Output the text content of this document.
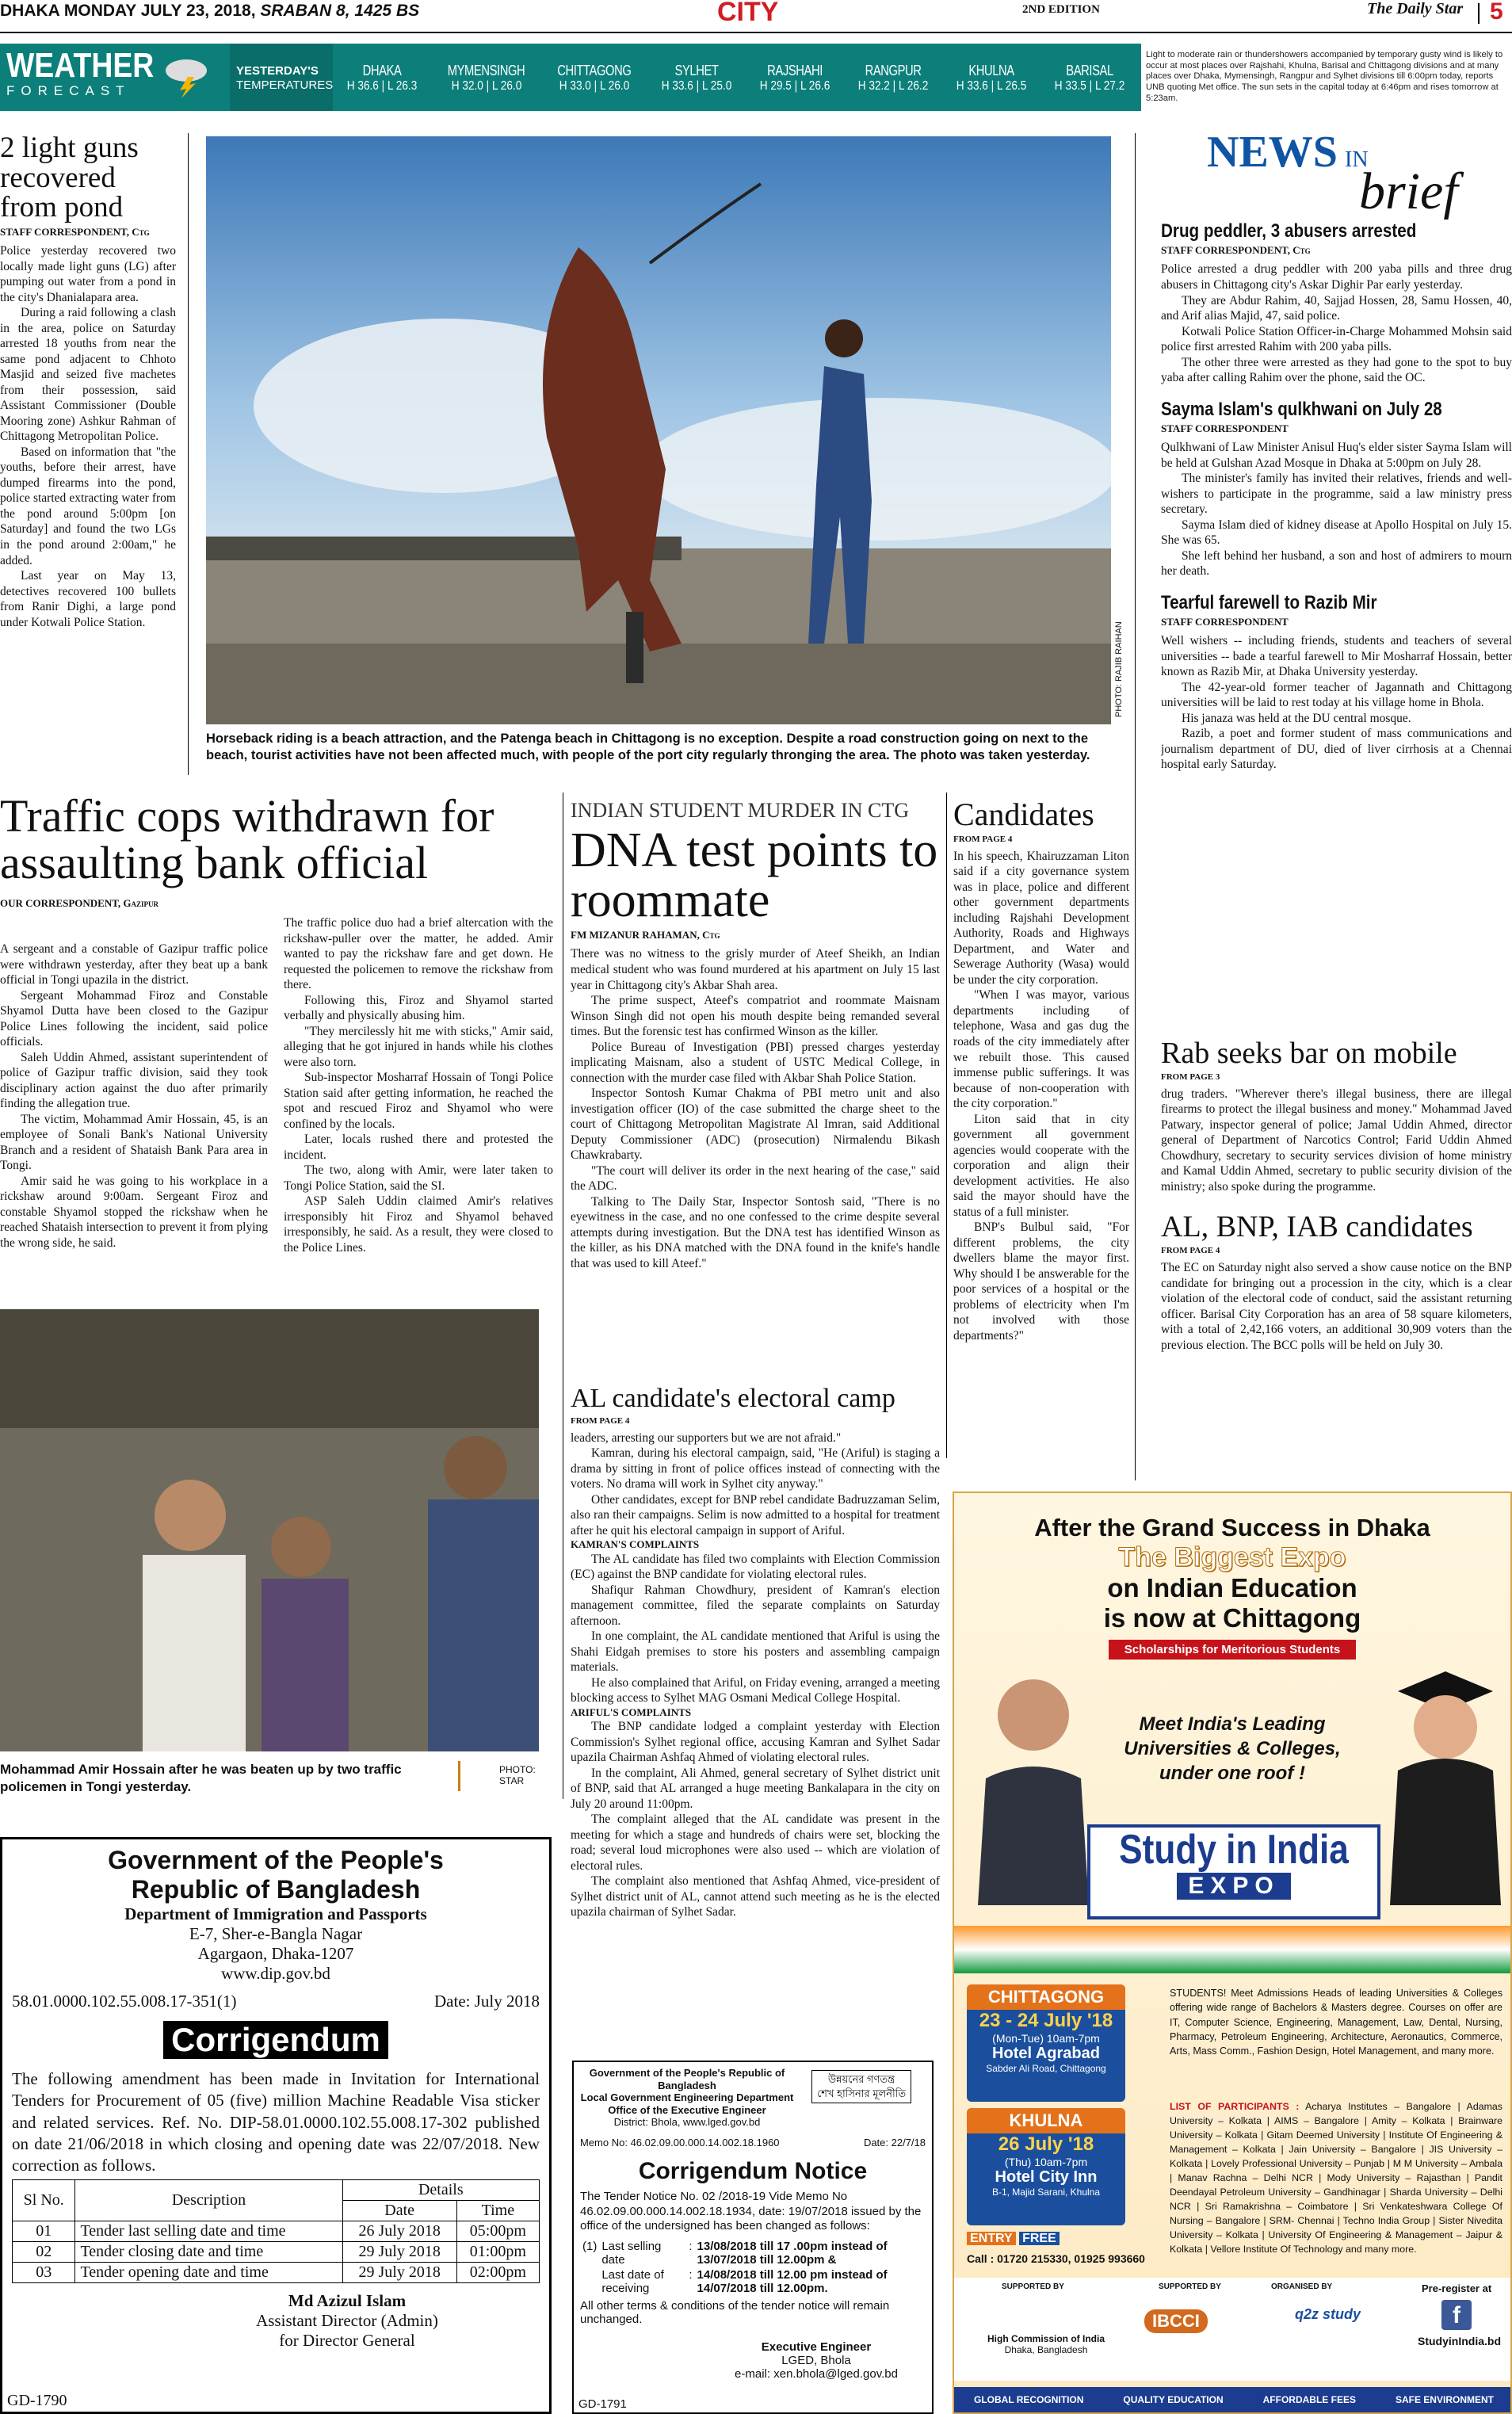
DHAKA MONDAY JULY 23, 2018, SRABAN 8, 1425 BS	CITY	2ND EDITION	The Daily Star 5
WEATHER
FORECAST
YESTERDAY'S
TEMPERATURES
DHAKA
H 36.6 | L 26.3
MYMENSINGH
H 32.0 | L 26.0
CHITTAGONG
H 33.0 | L 26.0
SYLHET
H 33.6 | L 25.0
RAJSHAHI
H 29.5 | L 26.6
RANGPUR
H 32.2 | L 26.2
KHULNA
H 33.6 | L 26.5
BARISAL
H 33.5 | L 27.2
Light to moderate rain or thundershowers accompanied by temporary gusty wind is likely to occur at most places over Rajshahi, Khulna, Barisal and Chittagong divisions and at many places over Dhaka, Mymensingh, Rangpur and Sylhet divisions till 6:00pm today, reports UNB quoting Met office. The sun sets in the capital today at 6:46pm and rises tomorrow at 5:23am.
2 light guns recovered from pond
STAFF CORRESPONDENT, Ctg

Police yesterday recovered two locally made light guns (LG) after pumping out water from a pond in the city's Dhanialapara area.

During a raid following a clash in the area, police on Saturday arrested 18 youths from near the same pond adjacent to Chhoto Masjid and seized five machetes from their possession, said Assistant Commissioner (Double Mooring zone) Ashkur Rahman of Chittagong Metropolitan Police.

Based on information that "the youths, before their arrest, have dumped firearms into the pond, police started extracting water from the pond around 5:00pm [on Saturday] and found the two LGs in the pond around 2:00am," he added.

Last year on May 13, detectives recovered 100 bullets from Ranir Dighi, a large pond under Kotwali Police Station.	PHOTO: RAJIB RAIHAN
Horseback riding is a beach attraction, and the Patenga beach in Chittagong is no exception. Despite a road construction going on next to the beach, tourist activities have not been affected much, with people of the port city regularly thronging the area. The photo was taken yesterday.
NEWS IN
brief
Drug peddler, 3 abusers arrested
STAFF CORRESPONDENT, Ctg

Police arrested a drug peddler with 200 yaba pills and three drug abusers in Chittagong city's Askar Dighir Par early yesterday.

They are Abdur Rahim, 40, Sajjad Hossen, 28, Samu Hossen, 40, and Arif alias Majid, 47, said police.

Kotwali Police Station Officer-in-Charge Mohammed Mohsin said police first arrested Rahim with 200 yaba pills.

The other three were arrested as they had gone to the spot to buy yaba after calling Rahim over the phone, said the OC.

Sayma Islam's qulkhwani on July 28
STAFF CORRESPONDENT

Qulkhwani of Law Minister Anisul Huq's elder sister Sayma Islam will be held at Gulshan Azad Mosque in Dhaka at 5:00pm on July 28.

The minister's family has invited their relatives, friends and well-wishers to participate in the programme, said a law ministry press secretary.

Sayma Islam died of kidney disease at Apollo Hospital on July 15. She was 65.

She left behind her husband, a son and host of admirers to mourn her death.

Tearful farewell to Razib Mir
STAFF CORRESPONDENT

Well wishers -- including friends, students and teachers of several universities -- bade a tearful farewell to Mir Mosharraf Hossain, better known as Razib Mir, at Dhaka University yesterday.

The 42-year-old former teacher of Jagannath and Chittagong universities will be laid to rest today at his village home in Bhola.

His janaza was held at the DU central mosque.

Razib, a poet and former student of mass communications and journalism department of DU, died of liver cirrhosis at a Chennai hospital early Saturday.

Traffic cops withdrawn for assaulting bank official
OUR CORRESPONDENT, Gazipur

A sergeant and a constable of Gazipur traffic police were withdrawn yesterday, after they beat up a bank official in Tongi upazila in the district.

Sergeant Mohammad Firoz and Constable Shyamol Dutta have been closed to the Gazipur Police Lines following the incident, said police officials.

Saleh Uddin Ahmed, assistant superintendent of police of Gazipur traffic division, said they took disciplinary action against the duo after primarily finding the allegation true.

The victim, Mohammad Amir Hossain, 45, is an employee of Sonali Bank's National University Branch and a resident of Shataish Bank Para area in Tongi.

Amir said he was going to his workplace in a rickshaw around 9:00am. Sergeant Firoz and constable Shyamol stopped the rickshaw when he reached Shataish intersection to prevent it from plying the wrong side, he said.

The traffic police duo had a brief altercation with the rickshaw-puller over the matter, he added. Amir wanted to pay the rickshaw fare and get down. He requested the policemen to remove the rickshaw from there.

Following this, Firoz and Shyamol started verbally and physically abusing him.

"They mercilessly hit me with sticks," Amir said, alleging that he got injured in hands while his clothes were also torn.

Sub-inspector Mosharraf Hossain of Tongi Police Station said after getting information, he reached the spot and rescued Firoz and Shyamol who were confined by the locals.

Later, locals rushed there and protested the incident.

The two, along with Amir, were later taken to Tongi Police Station, said the SI.

ASP Saleh Uddin claimed Amir's relatives irresponsibly hit Firoz and Shyamol behaved irresponsibly, he said. As a result, they were closed to the Police Lines.

Mohammad Amir Hossain after he was beaten up by two traffic policemen in Tongi yesterday.
PHOTO: STAR
INDIAN STUDENT MURDER IN CTG
DNA test points to roommate
FM MIZANUR RAHAMAN, Ctg

There was no witness to the grisly murder of Ateef Sheikh, an Indian medical student who was found murdered at his apartment on July 15 last year in Chittagong city's Akbar Shah area.

The prime suspect, Ateef's compatriot and roommate Maisnam Winson Singh did not open his mouth despite being remanded several times. But the forensic test has confirmed Winson as the killer.

Police Bureau of Investigation (PBI) pressed charges yesterday implicating Maisnam, also a student of USTC Medical College, in connection with the murder case filed with Akbar Shah Police Station.

Inspector Sontosh Kumar Chakma of PBI metro unit and also investigation officer (IO) of the case submitted the charge sheet to the court of Chittagong Metropolitan Magistrate Al Imran, said Additional Deputy Commissioner (ADC) (prosecution) Nirmalendu Bikash Chawkrabarty.

"The court will deliver its order in the next hearing of the case," said the ADC.

Talking to The Daily Star, Inspector Sontosh said, "There is no eyewitness in the case, and no one confessed to the crime despite several attempts during investigation. But the DNA test has identified Winson as the killer, as his DNA matched with the DNA found in the knife's handle that was used to kill Ateef."

Candidates
FROM PAGE 4

In his speech, Khairuzzaman Liton said if a city governance system was in place, police and different other government departments including Rajshahi Development Authority, Roads and Highways Department, and Water and Sewerage Authority (Wasa) would be under the city corporation.

"When I was mayor, various departments including of telephone, Wasa and gas dug the roads of the city immediately after we rebuilt those. This caused immense public sufferings. It was because of non-cooperation with the city corporation."

Liton said that in city government all government agencies would cooperate with the corporation and align their development activities. He also said the mayor should have the status of a full minister.

BNP's Bulbul said, "For different problems, the city dwellers blame the mayor first. Why should I be answerable for the poor services of a hospital or the problems of electricity when I'm not involved with those departments?"

AL candidate's electoral camp
FROM PAGE 4

leaders, arresting our supporters but we are not afraid."

Kamran, during his electoral campaign, said, "He (Ariful) is staging a drama by sitting in front of police offices instead of connecting with the voters. No drama will work in Sylhet city anyway."

Other candidates, except for BNP rebel candidate Badruzzaman Selim, also ran their campaigns. Selim is now admitted to a hospital for treatment after he quit his electoral campaign in support of Ariful.

KAMRAN'S COMPLAINTS

The AL candidate has filed two complaints with Election Commission (EC) against the BNP candidate for violating electoral rules.

Shafiqur Rahman Chowdhury, president of Kamran's election management committee, filed the separate complaints on Saturday afternoon.

In one complaint, the AL candidate mentioned that Ariful is using the Shahi Eidgah premises to store his posters and assembling campaign materials.

He also complained that Ariful, on Friday evening, arranged a meeting blocking access to Sylhet MAG Osmani Medical College Hospital.

ARIFUL'S COMPLAINTS

The BNP candidate lodged a complaint yesterday with Election Commission's Sylhet regional office, accusing Kamran and Sylhet Sadar upazila Chairman Ashfaq Ahmed of violating electoral rules.

In the complaint, Ali Ahmed, general secretary of Sylhet district unit of BNP, said that AL arranged a huge meeting Bankalapara in the city on July 20 around 11:00pm.

The complaint alleged that the AL candidate was present in the meeting for which a stage and hundreds of chairs were set, blocking the road; several loud microphones were also used -- which are violation of electoral rules.

The complaint also mentioned that Ashfaq Ahmed, vice-president of Sylhet district unit of AL, cannot attend such meeting as he is the elected upazila chairman of Sylhet Sadar.

Rab seeks bar on mobile
FROM PAGE 3
drug traders. "Wherever there's illegal business, there are illegal firearms to protect the illegal business and money." Mohammad Javed Patwary, inspector general of police; Jamal Uddin Ahmed, director general of Department of Narcotics Control; Farid Uddin Ahmed Chowdhury, secretary to security services division of home ministry and Kamal Uddin Ahmed, secretary to public security division of the ministry; also spoke during the programme.
AL, BNP, IAB candidates
FROM PAGE 4
The EC on Saturday night also served a show cause notice on the BNP candidate for bringing out a procession in the city, which is a clear violation of the electoral code of conduct, said the assistant returning officer. Barisal City Corporation has an area of 58 square kilometers, with a total of 2,42,166 voters, an additional 30,909 voters than the previous election. The BCC polls will be held on July 30.
Government of the People's
Republic of Bangladesh
Department of Immigration and Passports
E-7, Sher-e-Bangla Nagar
Agargaon, Dhaka-1207
www.dip.gov.bd
58.01.0000.102.55.008.17-351(1)	Date: July 2018
Corrigendum
The following amendment has been made in Invitation for International Tenders for Procurement of 05 (five) million Machine Readable Visa sticker and related services. Ref. No. DIP-58.01.0000.102.55.008.17-302 published on date 21/06/2018 in which closing and opening date was 22/07/2018. New correction as follows.
Sl No.	Description	Details	
		Date	Time
01	Tender last selling date and time	26 July 2018	05:00pm
02	Tender closing date and time	29 July 2018	01:00pm
03	Tender opening date and time	29 July 2018	02:00pm
Md Azizul Islam
Assistant Director (Admin)
for Director General
GD-1790
Government of the People's Republic of Bangladesh
Local Government Engineering Department
Office of the Executive Engineer
District: Bhola, www.lged.gov.bd
উন্নয়নের গণতন্ত্র
শেখ হাসিনার মূলনীতি
Memo No: 46.02.09.00.000.14.002.18.1960	Date: 22/7/18
Corrigendum Notice
The Tender Notice No. 02 /2018-19 Vide Memo No 46.02.09.00.000.14.002.18.1934, date: 19/07/2018 issued by the office of the undersigned has been changed as follows:
(1)	Last selling date	:	13/08/2018 till 17 .00pm instead of 13/07/2018 till 12.00pm &
	Last date of receiving	:	14/08/2018 till 12.00 pm instead of 14/07/2018 till 12.00pm.
All other terms & conditions of the tender notice will remain unchanged.
Executive Engineer
LGED, Bhola
e-mail: xen.bhola@lged.gov.bd
GD-1791
After the Grand Success in Dhaka
The Biggest Expo
on Indian Education
is now at Chittagong
Scholarships for Meritorious Students
Meet India's Leading
Universities & Colleges,
under one roof !
Study in India
EXPO
CHITTAGONG
23 - 24 July '18
(Mon-Tue) 10am-7pm
Hotel Agrabad
Sabder Ali Road, Chittagong
KHULNA
26 July '18
(Thu) 10am-7pm
Hotel City Inn
B-1, Majid Sarani, Khulna
ENTRY FREE
Call : 01720 215330, 01925 993660
STUDENTS! Meet Admissions Heads of leading Universities & Colleges offering wide range of Bachelors & Masters degree. Courses on offer are IT, Computer Science, Engineering, Management, Law, Dental, Nursing, Pharmacy, Petroleum Engineering, Architecture, Aeronautics, Commerce, Arts, Mass Comm., Fashion Design, Hotel Management, and many more.
LIST OF PARTICIPANTS : Acharya Institutes – Bangalore | Adamas University – Kolkata | AIMS – Bangalore | Amity – Kolkata | Brainware University – Kolkata | Gitam Deemed University | Institute Of Engineering & Management – Kolkata | Jain University – Bangalore | JIS University – Kolkata | Lovely Professional University – Punjab | M M University – Ambala | Manav Rachna – Delhi NCR | Mody University – Rajasthan | Pandit Deendayal Petroleum University – Gandhinagar | Sharda University – Delhi NCR | Sri Ramakrishna – Coimbatore | Sri Venkateshwara College Of Nursing – Bangalore | SRM- Chennai | Techno India Group | Sister Nivedita University – Kolkata | University Of Engineering & Management – Jaipur & Kolkata | Vellore Institute Of Technology and many more.
SUPPORTED BY
High Commission of India
Dhaka, Bangladesh
SUPPORTED BY
IBCCI
ORGANISED BY
q2z study
Pre-register at
f
StudyinIndia.bd
GLOBAL RECOGNITION	QUALITY EDUCATION	AFFORDABLE FEES	SAFE ENVIRONMENT
